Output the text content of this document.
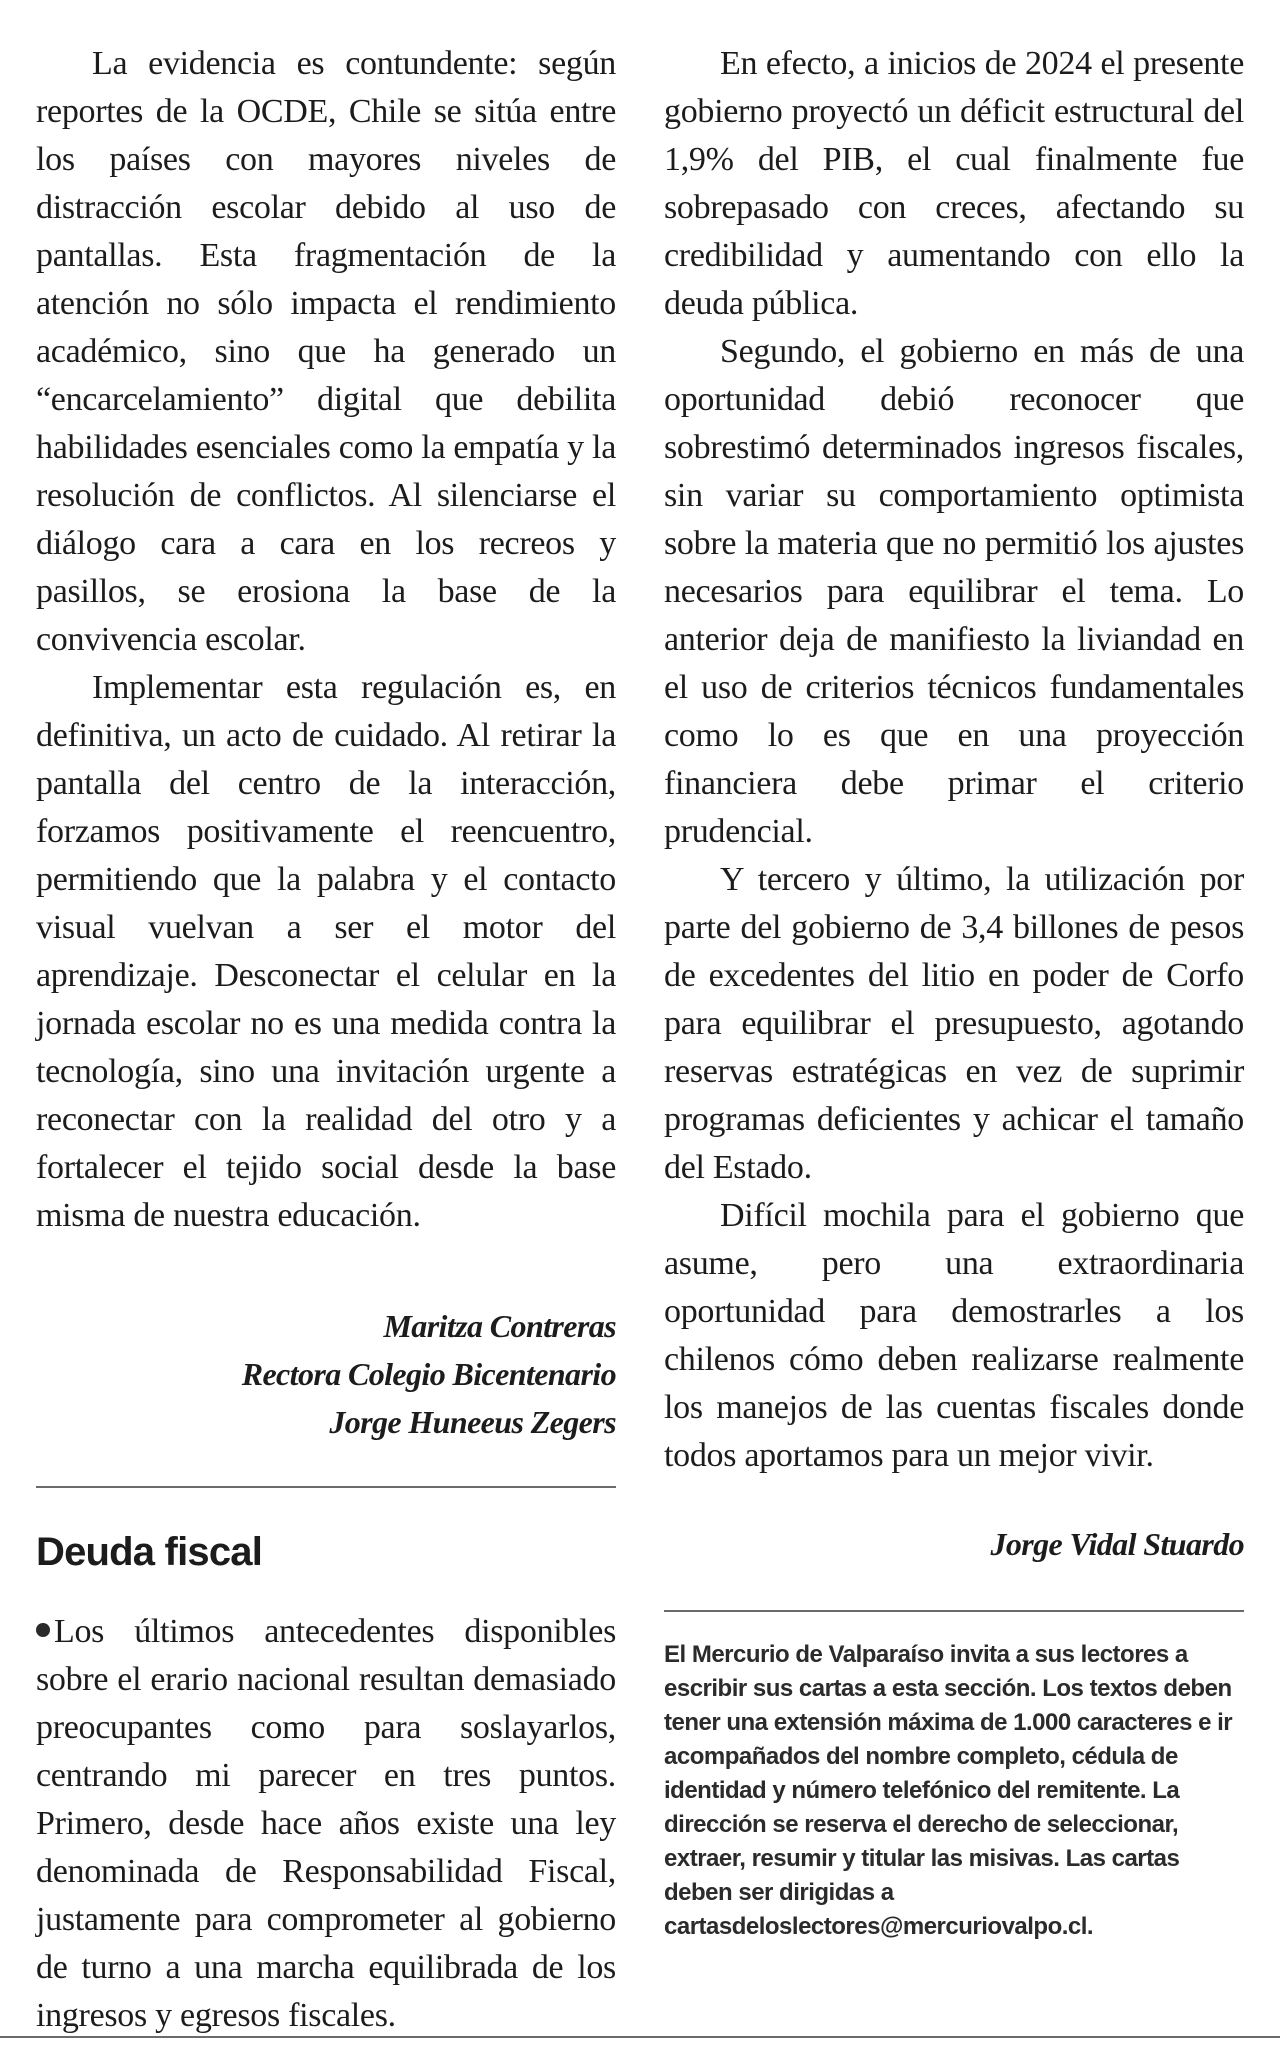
La evidencia es contundente: según reportes de la OCDE, Chile se sitúa entre los países con mayores niveles de distracción escolar debido al uso de pantallas. Esta fragmentación de la atención no sólo impacta el rendimiento académico, sino que ha generado un “encarcelamiento” digital que debilita habilidades esenciales como la empatía y la resolución de conflictos. Al silenciarse el diálogo cara a cara en los recreos y pasillos, se erosiona la base de la convivencia escolar.

Implementar esta regulación es, en definitiva, un acto de cuidado. Al retirar la pantalla del centro de la interacción, forzamos positivamente el reencuentro, permitiendo que la palabra y el contacto visual vuelvan a ser el motor del aprendizaje. Desconectar el celular en la jornada escolar no es una medida contra la tecnología, sino una invitación urgente a reconectar con la realidad del otro y a fortalecer el tejido social desde la base misma de nuestra educación.

Maritza Contreras

Rectora Colegio Bicentenario

Jorge Huneeus Zegers

Deuda fiscal

Los últimos antecedentes disponibles sobre el erario nacional resultan demasiado preocupantes como para soslayarlos, centrando mi parecer en tres puntos. Primero, desde hace años existe una ley denominada de Responsabilidad Fiscal, justamente para comprometer al gobierno de turno a una marcha equilibrada de los ingresos y egresos fiscales.

En efecto, a inicios de 2024 el presente gobierno proyectó un déficit estructural del 1,9% del PIB, el cual finalmente fue sobrepasado con creces, afectando su credibilidad y aumentando con ello la deuda pública.

Segundo, el gobierno en más de una oportunidad debió reconocer que sobrestimó determinados ingresos fiscales, sin variar su comportamiento optimista sobre la materia que no permitió los ajustes necesarios para equilibrar el tema. Lo anterior deja de manifiesto la liviandad en el uso de criterios técnicos fundamentales como lo es que en una proyección financiera debe primar el criterio prudencial.

Y tercero y último, la utilización por parte del gobierno de 3,4 billones de pesos de excedentes del litio en poder de Corfo para equilibrar el presupuesto, agotando reservas estratégicas en vez de suprimir programas deficientes y achicar el tamaño del Estado.

Difícil mochila para el gobierno que asume, pero una extraordinaria oportunidad para demostrarles a los chilenos cómo deben realizarse realmente los manejos de las cuentas fiscales donde todos aportamos para un mejor vivir.

Jorge Vidal Stuardo

El Mercurio de Valparaíso invita a sus lectores a escribir sus cartas a esta sección. Los textos deben tener una extensión máxima de 1.000 caracteres e ir acompañados del nombre completo, cédula de identidad y número telefónico del remitente. La dirección se reserva el derecho de seleccionar, extraer, resumir y titular las misivas. Las cartas deben ser dirigidas a cartasdeloslectores@mercuriovalpo.cl.
